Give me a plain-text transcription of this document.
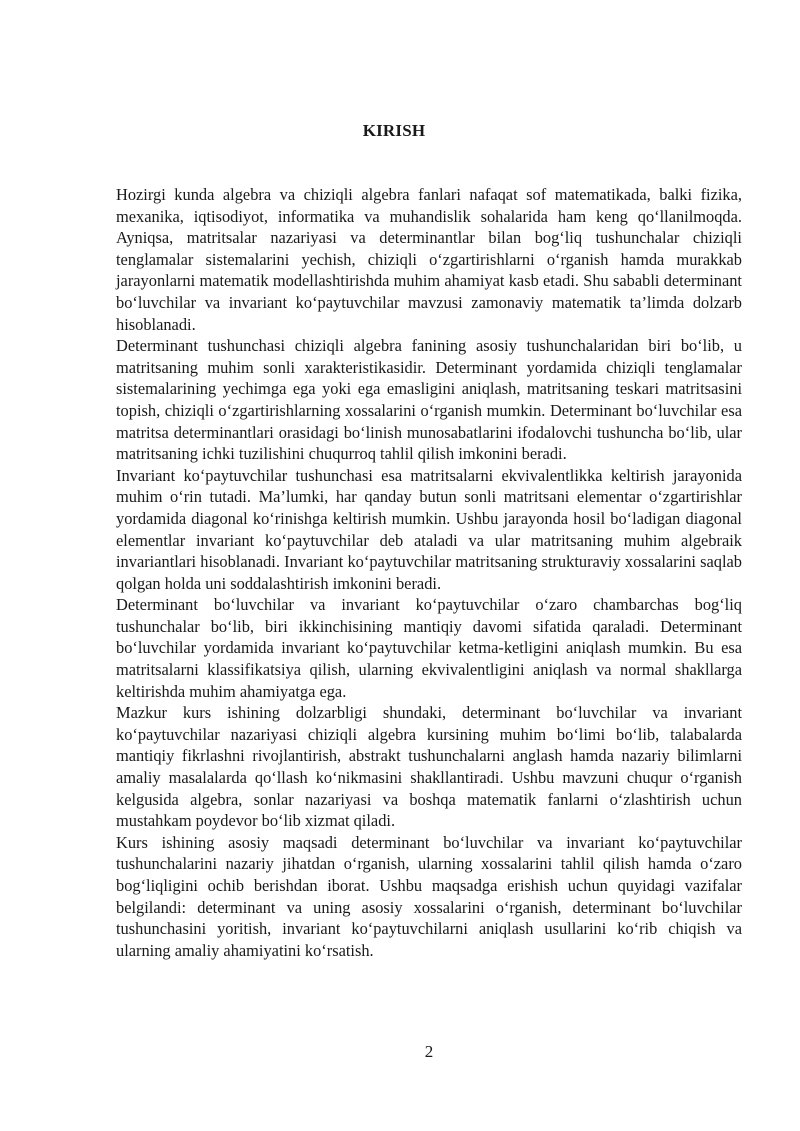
KIRISH

Hozirgi kunda algebra va chiziqli algebra fanlari nafaqat sof matematikada, balki fizika, mexanika, iqtisodiyot, informatika va muhandislik sohalarida ham keng qo‘llanilmoqda. Ayniqsa, matritsalar nazariyasi va determinantlar bilan bog‘liq tushunchalar chiziqli tenglamalar sistemalarini yechish, chiziqli o‘zgartirishlarni o‘rganish hamda murakkab jarayonlarni matematik modellashtirishda muhim ahamiyat kasb etadi. Shu sababli determinant bo‘luvchilar va invariant ko‘paytuvchilar mavzusi zamonaviy matematik ta’limda dolzarb hisoblanadi.

Determinant tushunchasi chiziqli algebra fanining asosiy tushunchalaridan biri bo‘lib, u matritsaning muhim sonli xarakteristikasidir. Determinant yordamida chiziqli tenglamalar sistemalarining yechimga ega yoki ega emasligini aniqlash, matritsaning teskari matritsasini topish, chiziqli o‘zgartirishlarning xossalarini o‘rganish mumkin. Determinant bo‘luvchilar esa matritsa determinantlari orasidagi bo‘linish munosabatlarini ifodalovchi tushuncha bo‘lib, ular matritsaning ichki tuzilishini chuqurroq tahlil qilish imkonini beradi.

Invariant ko‘paytuvchilar tushunchasi esa matritsalarni ekvivalentlikka keltirish jarayonida muhim o‘rin tutadi. Ma’lumki, har qanday butun sonli matritsani elementar o‘zgartirishlar yordamida diagonal ko‘rinishga keltirish mumkin. Ushbu jarayonda hosil bo‘ladigan diagonal elementlar invariant ko‘paytuvchilar deb ataladi va ular matritsaning muhim algebraik invariantlari hisoblanadi. Invariant ko‘paytuvchilar matritsaning strukturaviy xossalarini saqlab qolgan holda uni soddalashtirish imkonini beradi.

Determinant bo‘luvchilar va invariant ko‘paytuvchilar o‘zaro chambarchas bog‘liq tushunchalar bo‘lib, biri ikkinchisining mantiqiy davomi sifatida qaraladi. Determinant bo‘luvchilar yordamida invariant ko‘paytuvchilar ketma-ketligini aniqlash mumkin. Bu esa matritsalarni klassifikatsiya qilish, ularning ekvivalentligini aniqlash va normal shakllarga keltirishda muhim ahamiyatga ega.

Mazkur kurs ishining dolzarbligi shundaki, determinant bo‘luvchilar va invariant ko‘paytuvchilar nazariyasi chiziqli algebra kursining muhim bo‘limi bo‘lib, talabalarda mantiqiy fikrlashni rivojlantirish, abstrakt tushunchalarni anglash hamda nazariy bilimlarni amaliy masalalarda qo‘llash ko‘nikmasini shakllantiradi. Ushbu mavzuni chuqur o‘rganish kelgusida algebra, sonlar nazariyasi va boshqa matematik fanlarni o‘zlashtirish uchun mustahkam poydevor bo‘lib xizmat qiladi.

Kurs ishining asosiy maqsadi determinant bo‘luvchilar va invariant ko‘paytuvchilar tushunchalarini nazariy jihatdan o‘rganish, ularning xossalarini tahlil qilish hamda o‘zaro bog‘liqligini ochib berishdan iborat. Ushbu maqsadga erishish uchun quyidagi vazifalar belgilandi: determinant va uning asosiy xossalarini o‘rganish, determinant bo‘luvchilar tushunchasini yoritish, invariant ko‘paytuvchilarni aniqlash usullarini ko‘rib chiqish va ularning amaliy ahamiyatini ko‘rsatish.

2
